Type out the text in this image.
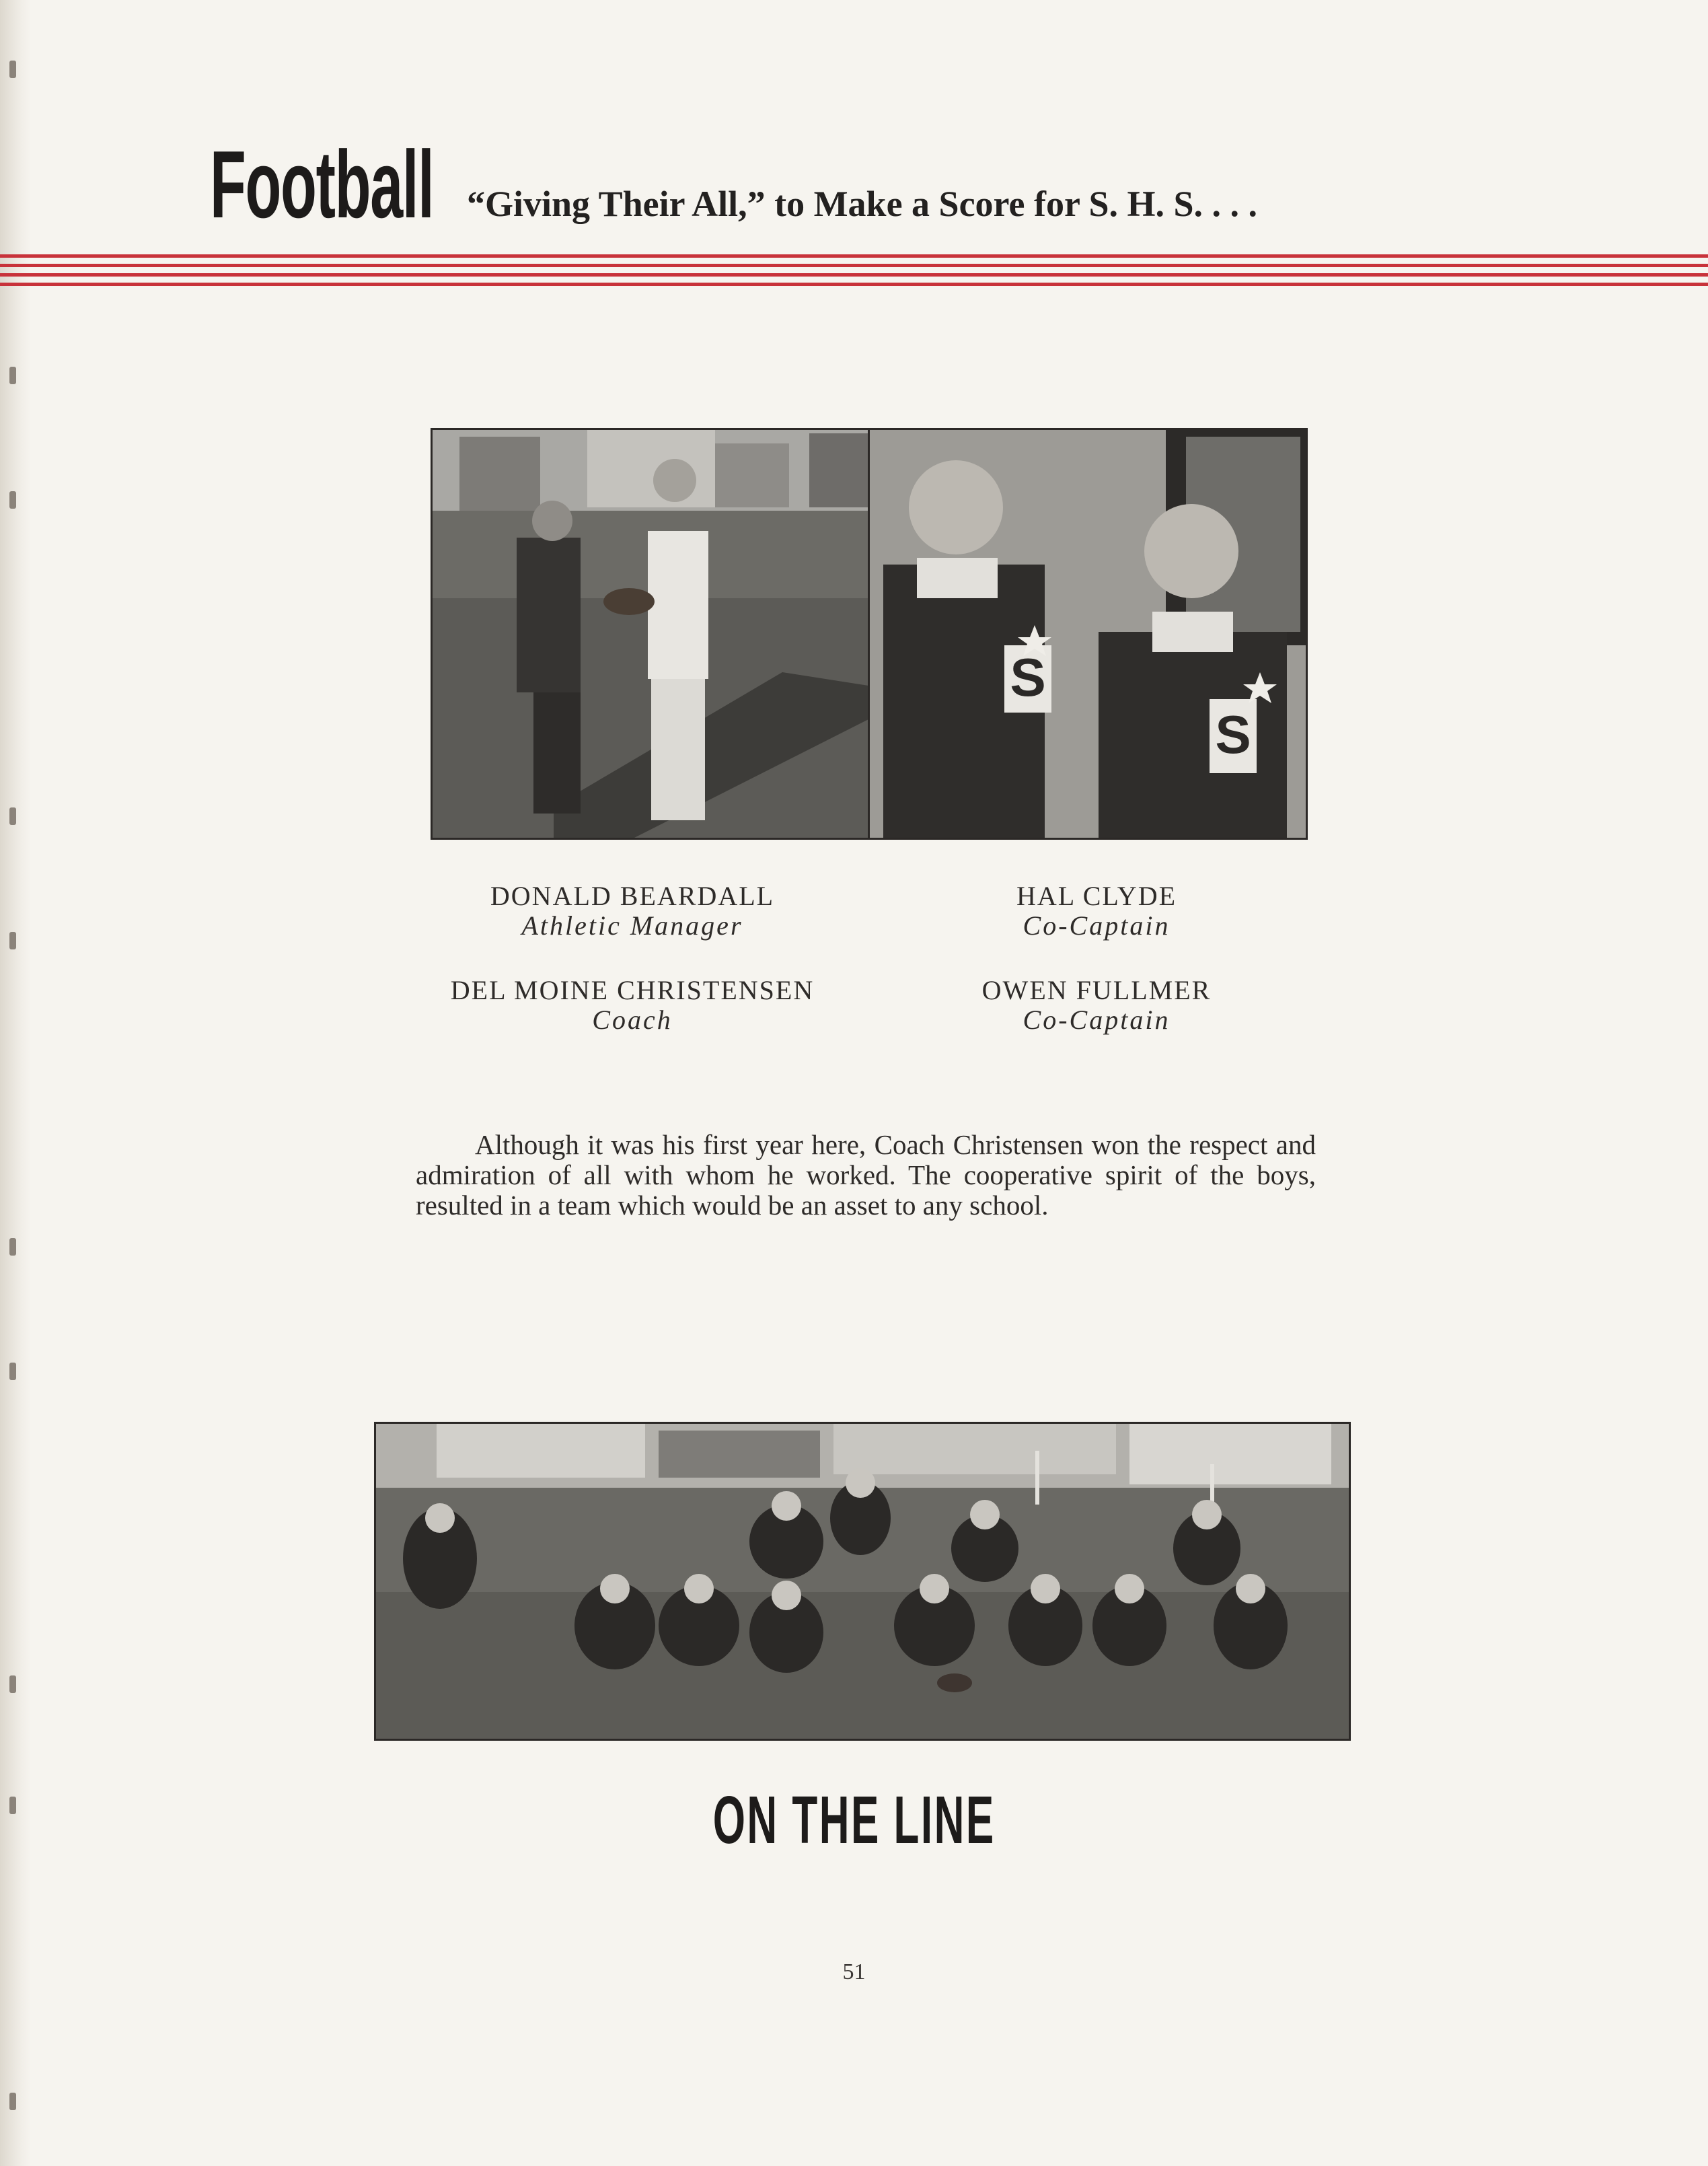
Football “Giving Their All,” to Make a Score for S. H. S. . . .
S
S
DONALD BEARDALL
Athletic Manager
HAL CLYDE
Co-Captain
DEL MOINE CHRISTENSEN
Coach
OWEN FULLMER
Co-Captain

Although it was his first year here, Coach Christensen won the respect and admiration of all with whom he worked. The cooperative spirit of the boys, resulted in a team which would be an asset to any school.

ON THE LINE
51
